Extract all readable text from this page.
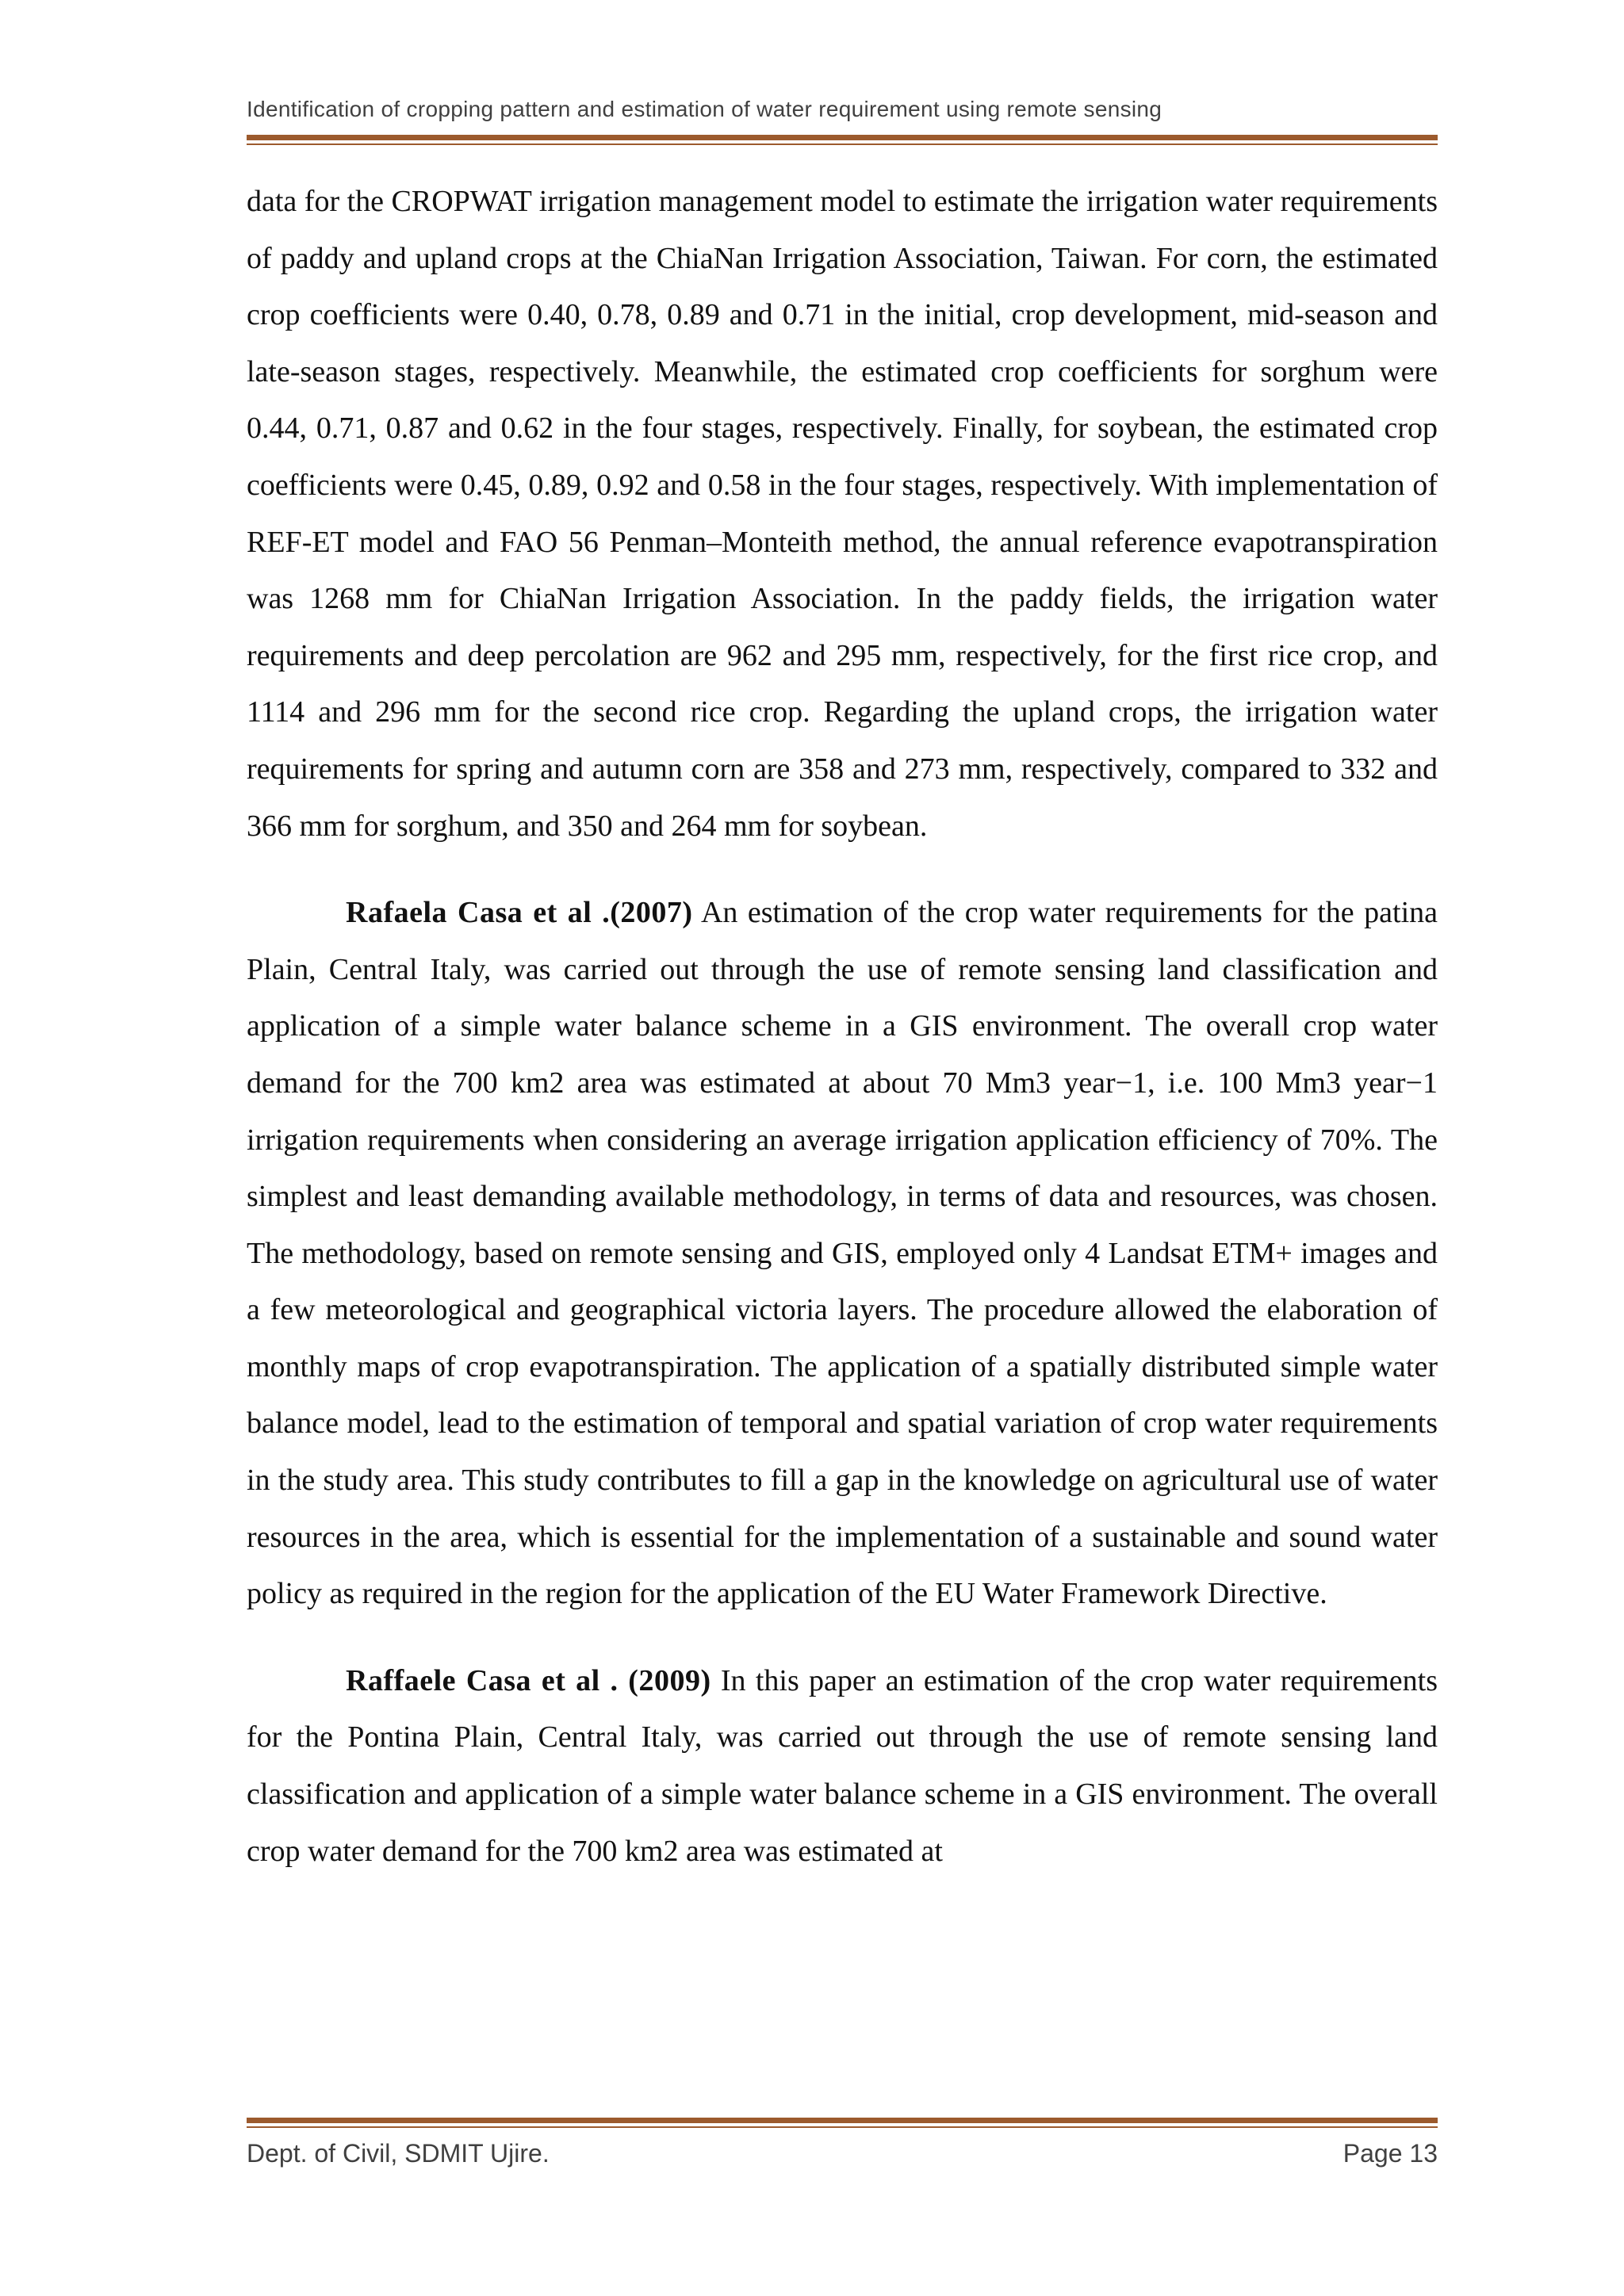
Identification of cropping pattern and estimation of water requirement using remote sensing

data for the CROPWAT irrigation management model to estimate the irrigation water requirements of paddy and upland crops at the ChiaNan Irrigation Association, Taiwan. For corn, the estimated crop coefficients were 0.40, 0.78, 0.89 and 0.71 in the initial, crop development, mid-season and late-season stages, respectively. Meanwhile, the estimated crop coefficients for sorghum were 0.44, 0.71, 0.87 and 0.62 in the four stages, respectively. Finally, for soybean, the estimated crop coefficients were 0.45, 0.89, 0.92 and 0.58 in the four stages, respectively. With implementation of REF-ET model and FAO 56 Penman–Monteith method, the annual reference evapotranspiration was 1268 mm for ChiaNan Irrigation Association. In the paddy fields, the irrigation water requirements and deep percolation are 962 and 295 mm, respectively, for the first rice crop, and 1114 and 296 mm for the second rice crop. Regarding the upland crops, the irrigation water requirements for spring and autumn corn are 358 and 273 mm, respectively, compared to 332 and 366 mm for sorghum, and 350 and 264 mm for soybean.

Rafaela Casa et al .(2007) An estimation of the crop water requirements for the patina Plain, Central Italy, was carried out through the use of remote sensing land classification and application of a simple water balance scheme in a GIS environment. The overall crop water demand for the 700 km2 area was estimated at about 70 Mm3 year−1, i.e. 100 Mm3 year−1 irrigation requirements when considering an average irrigation application efficiency of 70%. The simplest and least demanding available methodology, in terms of data and resources, was chosen. The methodology, based on remote sensing and GIS, employed only 4 Landsat ETM+ images and a few meteorological and geographical victoria layers. The procedure allowed the elaboration of monthly maps of crop evapotranspiration. The application of a spatially distributed simple water balance model, lead to the estimation of temporal and spatial variation of crop water requirements in the study area. This study contributes to fill a gap in the knowledge on agricultural use of water resources in the area, which is essential for the implementation of a sustainable and sound water policy as required in the region for the application of the EU Water Framework Directive.

Raffaele Casa et al . (2009) In this paper an estimation of the crop water requirements for the Pontina Plain, Central Italy, was carried out through the use of remote sensing land classification and application of a simple water balance scheme in a GIS environment. The overall crop water demand for the 700 km2 area was estimated at

Dept. of Civil, SDMIT Ujire.	Page 13
